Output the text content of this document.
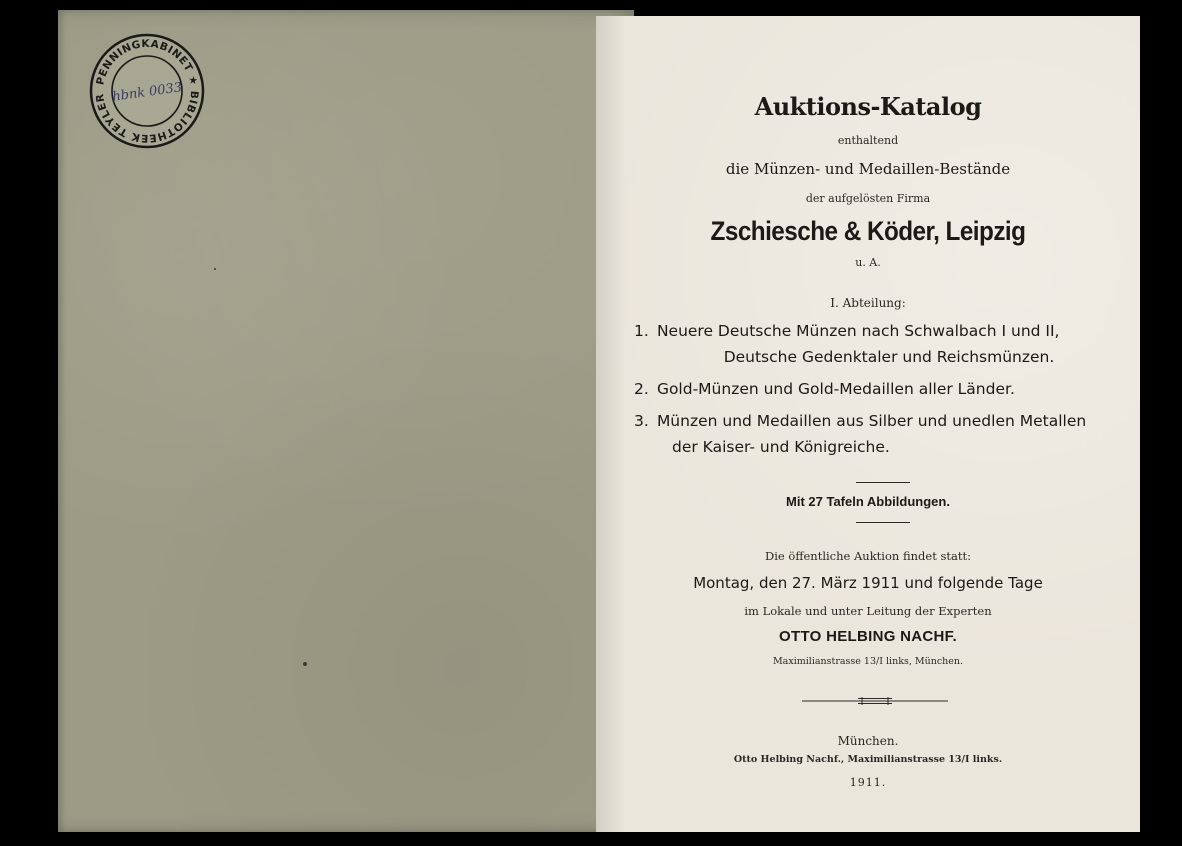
PENNINGKABINET ★ BIBLIOTHEEK TEYLER hbnk 0033	Auktions-Katalog
enthaltend
die Münzen- und Medaillen-Bestände
der aufgelösten Firma
Zschiesche & Köder, Leipzig
u. A.
I. Abteilung:
1. Neuere Deutsche Münzen nach Schwalbach I und II,
Deutsche Gedenktaler und Reichsmünzen.
2. Gold-Münzen und Gold-Medaillen aller Länder.
3. Münzen und Medaillen aus Silber und unedlen Metallen
der Kaiser- und Königreiche.
Mit 27 Tafeln Abbildungen.
Die öffentliche Auktion findet statt:
Montag, den 27. März 1911 und folgende Tage
im Lokale und unter Leitung der Experten
OTTO HELBING NACHF.
Maximilianstrasse 13/I links, München.
München.
Otto Helbing Nachf., Maximilianstrasse 13/I links.
1911.
